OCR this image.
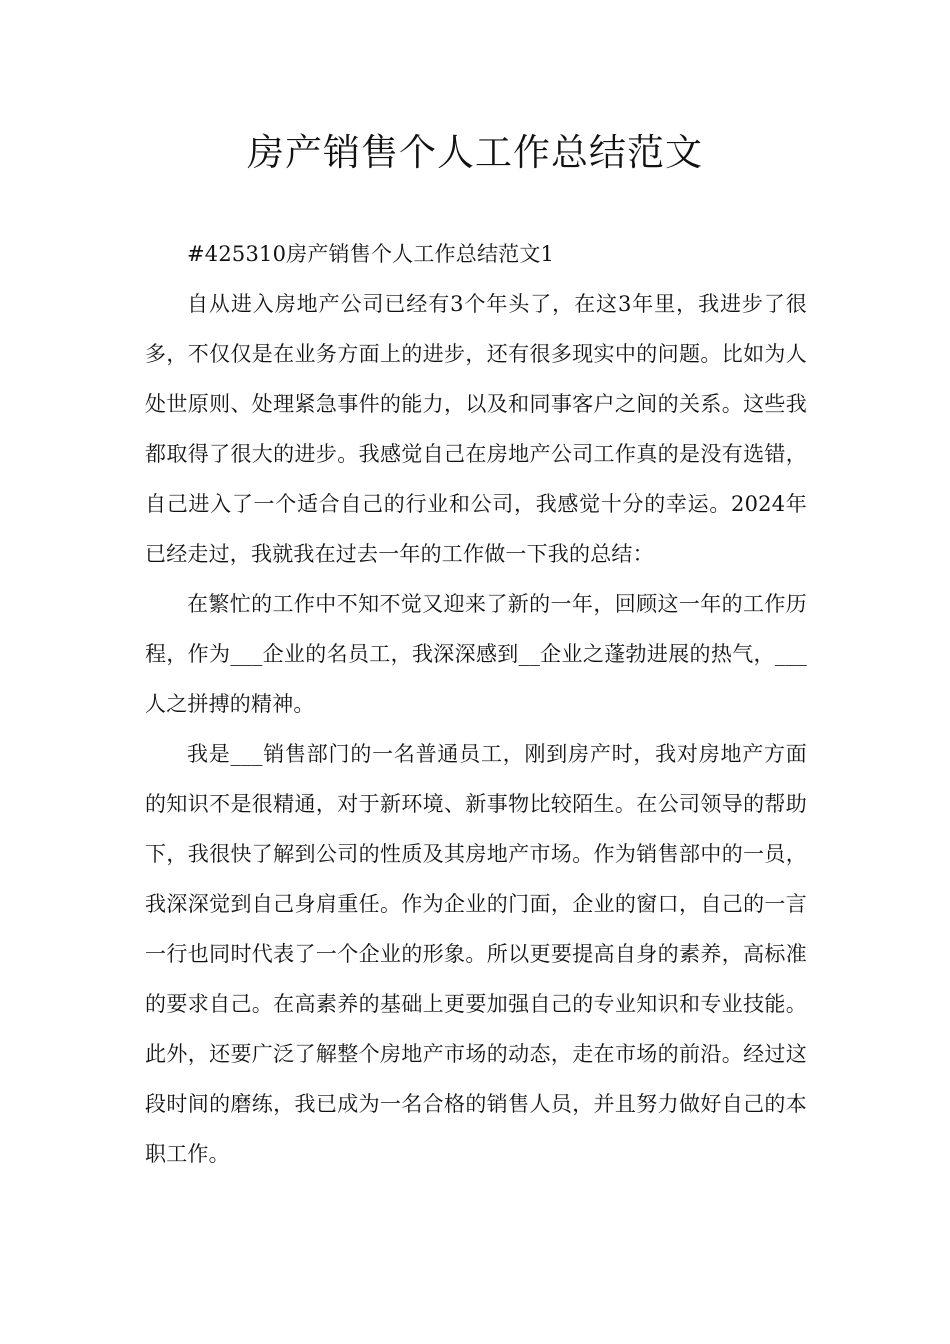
房产销售个人工作总结范文

#425310房产销售个人工作总结范文1

自从进入房地产公司已经有3个年头了，在这3年里，我进步了很多，不仅仅是在业务方面上的进步，还有很多现实中的问题。比如为人处世原则、处理紧急事件的能力，以及和同事客户之间的关系。这些我都取得了很大的进步。我感觉自己在房地产公司工作真的是没有选错，自己进入了一个适合自己的行业和公司，我感觉十分的幸运。2024年已经走过，我就我在过去一年的工作做一下我的总结：

在繁忙的工作中不知不觉又迎来了新的一年，回顾这一年的工作历程，作为___企业的名员工，我深深感到__企业之蓬勃进展的热气，___人之拼搏的精神。

我是___销售部门的一名普通员工，刚到房产时，我对房地产方面的知识不是很精通，对于新环境、新事物比较陌生。在公司领导的帮助下，我很快了解到公司的性质及其房地产市场。作为销售部中的一员，我深深觉到自己身肩重任。作为企业的门面，企业的窗口，自己的一言一行也同时代表了一个企业的形象。所以更要提高自身的素养，高标准的要求自己。在高素养的基础上更要加强自己的专业知识和专业技能。此外，还要广泛了解整个房地产市场的动态，走在市场的前沿。经过这段时间的磨练，我已成为一名合格的销售人员，并且努力做好自己的本职工作。
